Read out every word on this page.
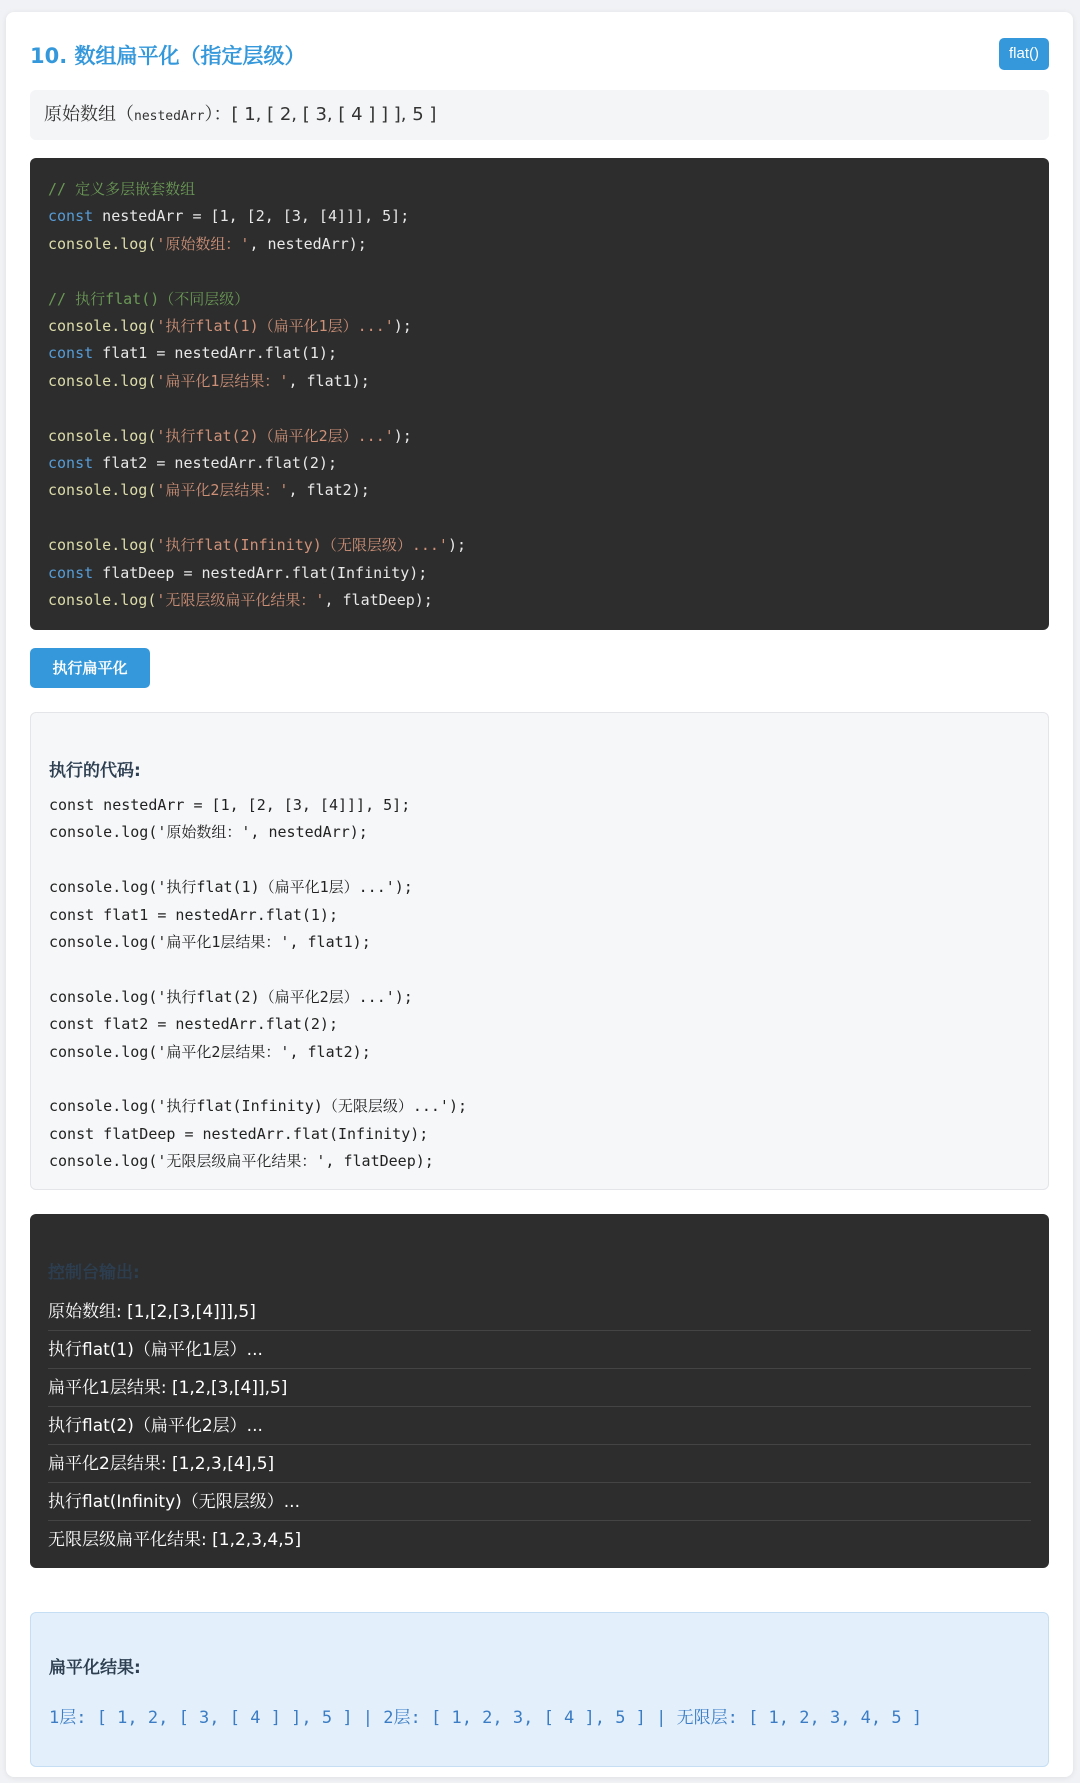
10. 数组扁平化（指定层级）	flat()
原始数组（nestedArr）：[ 1, [ 2, [ 3, [ 4 ] ] ], 5 ]
// 定义多层嵌套数组
const nestedArr = [1, [2, [3, [4]]], 5];
console.log('原始数组：', nestedArr);

// 执行flat()（不同层级）
console.log('执行flat(1)（扁平化1层）...');
const flat1 = nestedArr.flat(1);
console.log('扁平化1层结果：', flat1);

console.log('执行flat(2)（扁平化2层）...');
const flat2 = nestedArr.flat(2);
console.log('扁平化2层结果：', flat2);

console.log('执行flat(Infinity)（无限层级）...');
const flatDeep = nestedArr.flat(Infinity);
console.log('无限层级扁平化结果：', flatDeep);
执行扁平化
执行的代码:
const nestedArr = [1, [2, [3, [4]]], 5];
console.log('原始数组：', nestedArr);

console.log('执行flat(1)（扁平化1层）...');
const flat1 = nestedArr.flat(1);
console.log('扁平化1层结果：', flat1);

console.log('执行flat(2)（扁平化2层）...');
const flat2 = nestedArr.flat(2);
console.log('扁平化2层结果：', flat2);

console.log('执行flat(Infinity)（无限层级）...');
const flatDeep = nestedArr.flat(Infinity);
console.log('无限层级扁平化结果：', flatDeep);
控制台输出:
原始数组: [1,[2,[3,[4]]],5]
执行flat(1)（扁平化1层）...
扁平化1层结果: [1,2,[3,[4]],5]
执行flat(2)（扁平化2层）...
扁平化2层结果: [1,2,3,[4],5]
执行flat(Infinity)（无限层级）...
无限层级扁平化结果: [1,2,3,4,5]
扁平化结果:
1层: [ 1, 2, [ 3, [ 4 ] ], 5 ] | 2层: [ 1, 2, 3, [ 4 ], 5 ] | 无限层: [ 1, 2, 3, 4, 5 ]
